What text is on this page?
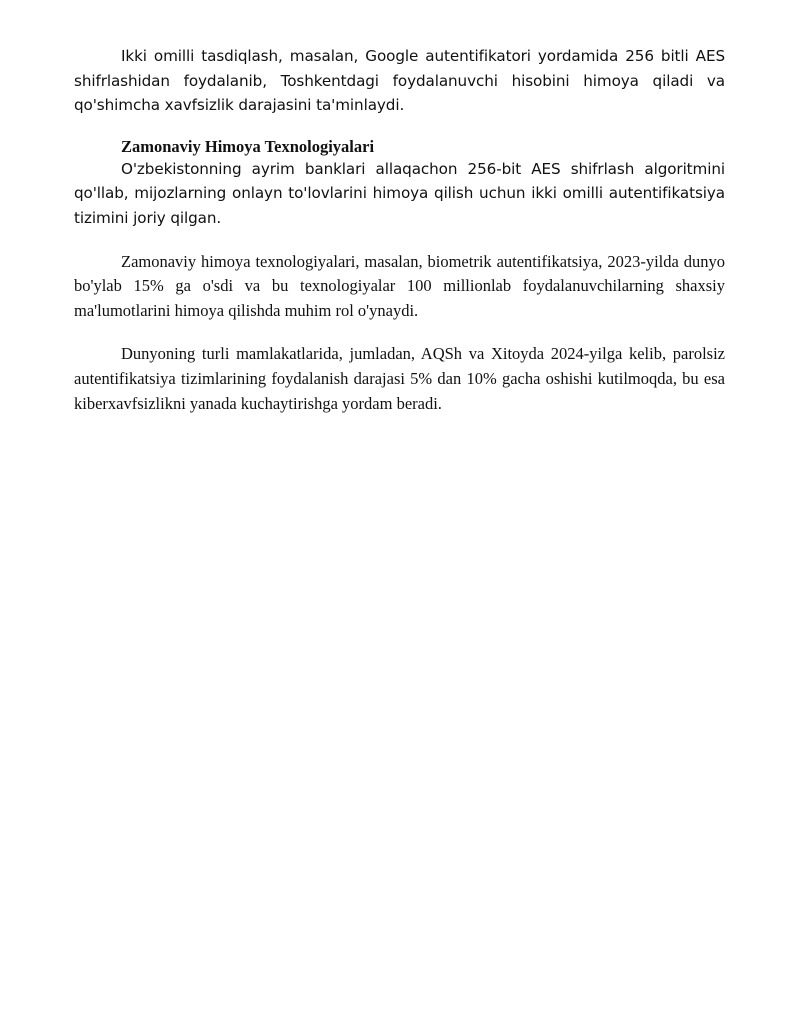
Ikki omilli tasdiqlash, masalan, Google autentifikatori yordamida 256 bitli AES shifrlashidan foydalanib, Toshkentdagi foydalanuvchi hisobini himoya qiladi va qo'shimcha xavfsizlik darajasini ta'minlaydi.

Zamonaviy Himoya Texnologiyalari

O'zbekistonning ayrim banklari allaqachon 256-bit AES shifrlash algoritmini qo'llab, mijozlarning onlayn to'lovlarini himoya qilish uchun ikki omilli autentifikatsiya tizimini joriy qilgan.

Zamonaviy himoya texnologiyalari, masalan, biometrik autentifikatsiya, 2023-yilda dunyo bo'ylab 15% ga o'sdi va bu texnologiyalar 100 millionlab foydalanuvchilarning shaxsiy ma'lumotlarini himoya qilishda muhim rol o'ynaydi.

Dunyoning turli mamlakatlarida, jumladan, AQSh va Xitoyda 2024-yilga kelib, parolsiz autentifikatsiya tizimlarining foydalanish darajasi 5% dan 10% gacha oshishi kutilmoqda, bu esa kiberxavfsizlikni yanada kuchaytirishga yordam beradi.
